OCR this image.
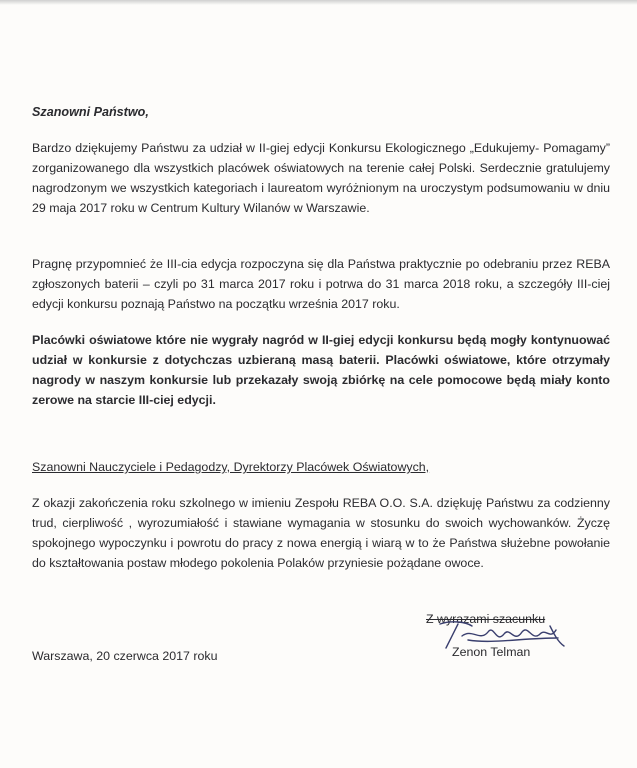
Szanowni Państwo,
Bardzo dziękujemy Państwu za udział w II-giej edycji Konkursu Ekologicznego „Edukujemy- Pomagamy” zorganizowanego dla wszystkich placówek oświatowych na terenie całej Polski. Serdecznie gratulujemy nagrodzonym we wszystkich kategoriach i laureatom wyróżnionym na uroczystym podsumowaniu w dniu 29 maja 2017 roku w Centrum Kultury Wilanów w Warszawie.
Pragnę przypomnieć że III-cia edycja rozpoczyna się dla Państwa praktycznie po odebraniu przez REBA zgłoszonych baterii – czyli po 31 marca 2017 roku i potrwa do 31 marca 2018 roku, a szczegóły III-ciej edycji konkursu poznają Państwo na początku września 2017 roku.
Placówki oświatowe które nie wygrały nagród w II-giej edycji konkursu będą mogły kontynuować udział w konkursie z dotychczas uzbieraną masą baterii. Placówki oświatowe, które otrzymały nagrody w naszym konkursie lub przekazały swoją zbiórkę na cele pomocowe będą miały konto zerowe na starcie III-ciej edycji.
Szanowni Nauczyciele i Pedagodzy, Dyrektorzy Placówek Oświatowych,
Z okazji zakończenia roku szkolnego w imieniu Zespołu REBA O.O. S.A. dziękuję Państwu za codzienny trud, cierpliwość , wyrozumiałość i stawiane wymagania w stosunku do swoich wychowanków. Życzę spokojnego wypoczynku i powrotu do pracy z nowa energią i wiarą w to że Państwa służebne powołanie do kształtowania postaw młodego pokolenia Polaków przyniesie pożądane owoce.
Warszawa, 20 czerwca 2017 roku
Z wyrazami szacunku
Zenon Telman
